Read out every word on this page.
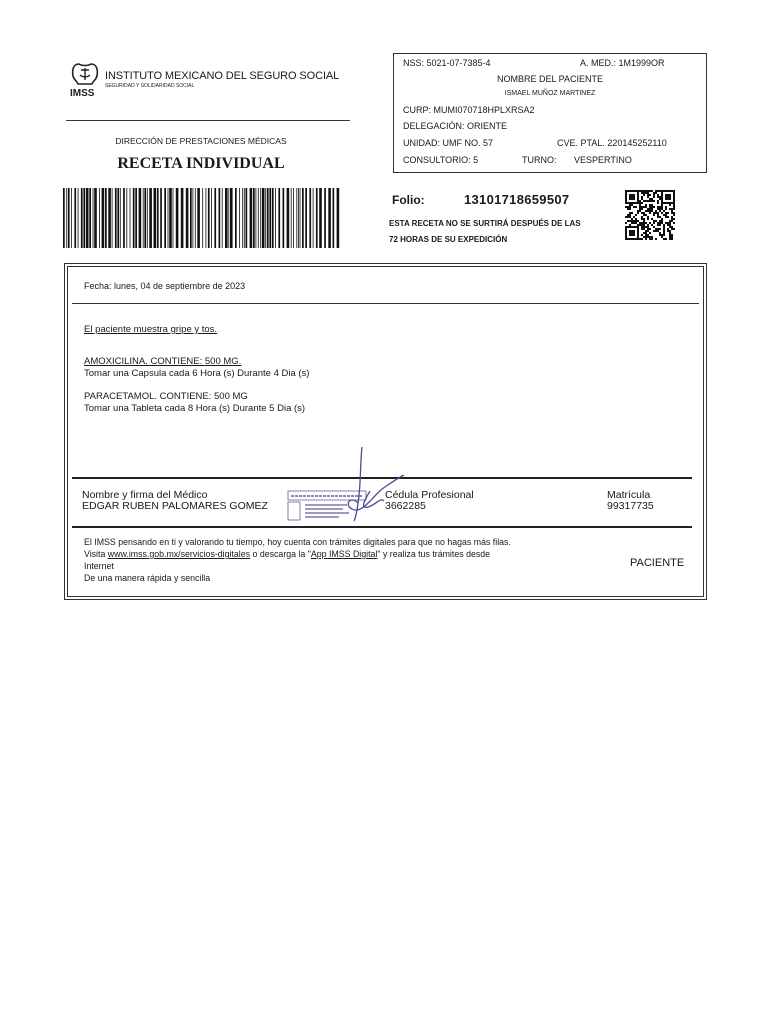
IMSS
INSTITUTO MEXICANO DEL SEGURO SOCIAL
SEGURIDAD Y SOLIDARIDAD SOCIAL
DIRECCIÓN DE PRESTACIONES MÉDICAS
RECETA INDIVIDUAL
NSS: 5021-07-7385-4	A. MED.: 1M1999OR
NOMBRE DEL PACIENTE
ISMAEL MUÑOZ MARTINEZ
CURP: MUMI070718HPLXRSA2
DELEGACIÓN: ORIENTE
UNIDAD: UMF NO. 57	CVE. PTAL. 220145252110
CONSULTORIO: 5	TURNO: VESPERTINO
Folio:	13101718659507
ESTA RECETA NO SE SURTIRÁ DESPUÉS DE LAS
72 HORAS DE SU EXPEDICIÓN
Fecha: lunes, 04 de septiembre de 2023
El paciente muestra gripe y tos.
AMOXICILINA. CONTIENE: 500 MG.
Tomar una Capsula cada 6 Hora (s) Durante 4 Dia (s)
PARACETAMOL. CONTIENE: 500 MG
Tomar una Tableta cada 8 Hora (s) Durante 5 Dia (s)
Nombre y firma del Médico
EDGAR RUBEN PALOMARES GOMEZ
Cédula Profesional
3662285
Matrícula
99317735
El IMSS pensando en ti y valorando tu tiempo, hoy cuenta con trámites digitales para que no hagas más filas.
Visita www.imss.gob.mx/servicios-digitales o descarga la "App IMSS Digital" y realiza tus trámites desde
Internet
De una manera rápida y sencilla
PACIENTE
